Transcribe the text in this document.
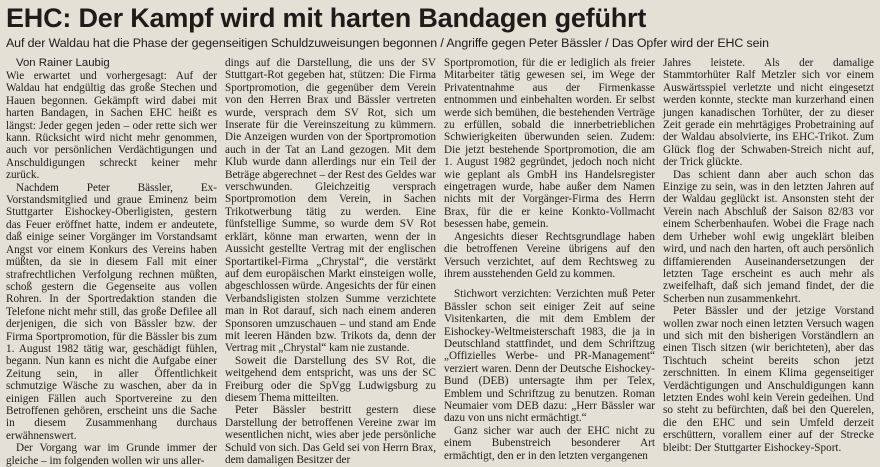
EHC: Der Kampf wird mit harten Bandagen geführt
Auf der Waldau hat die Phase der gegenseitigen Schuldzuweisungen begonnen / Angriffe gegen Peter Bässler / Das Opfer wird der EHC sein

Von Rainer Laubig

Wie erwartet und vorhergesagt: Auf der Waldau hat endgültig das große Stechen und Hauen begonnen. Gekämpft wird dabei mit harten Bandagen, in Sachen EHC heißt es längst: Jeder gegen jeden – oder rette sich wer kann. Rücksicht wird nicht mehr genommen, auch vor persönlichen Verdächtigungen und Anschuldigungen schreckt keiner mehr zurück.

Nachdem Peter Bässler, Ex-Vorstandsmitglied und graue Eminenz beim Stuttgarter Eishockey-Oberligisten, gestern das Feuer eröffnet hatte, indem er andeutete, daß einige seiner Vorgänger im Vorstandsamt Angst vor einem Konkurs des Vereins haben müßten, da sie in diesem Fall mit einer strafrechtlichen Verfolgung rechnen müßten, schoß gestern die Gegenseite aus vollen Rohren. In der Sportredaktion standen die Telefone nicht mehr still, das große Defilee all derjenigen, die sich von Bässler bzw. der Firma Sportpromotion, für die Bässler bis zum 1. August 1982 tätig war, geschädigt fühlen, begann. Nun kann es nicht die Aufgabe einer Zeitung sein, in aller Öffentlichkeit schmutzige Wäsche zu waschen, aber da in einigen Fällen auch Sportvereine zu den Betroffenen gehören, erscheint uns die Sache in diesem Zusammenhang durchaus erwähnenswert.

Der Vorgang war im Grunde immer der gleiche – im folgenden wollen wir uns aller-

dings auf die Darstellung, die uns der SV Stuttgart-Rot gegeben hat, stützen: Die Firma Sportpromotion, die gegenüber dem Verein von den Herren Brax und Bässler vertreten wurde, versprach dem SV Rot, sich um Inserate für die Vereinszeitung zu kümmern. Die Anzeigen wurden von der Sportpromotion auch in der Tat an Land gezogen. Mit dem Klub wurde dann allerdings nur ein Teil der Beträge abgerechnet – der Rest des Geldes war verschwunden. Gleichzeitig versprach Sportpromotion dem Verein, in Sachen Trikotwerbung tätig zu werden. Eine fünfstellige Summe, so wurde dem SV Rot erklärt, könne man erwarten, wenn der in Aussicht gestellte Vertrag mit der englischen Sportartikel-Firma „Chrystal“, die verstärkt auf dem europäischen Markt einsteigen wolle, abgeschlossen würde. Angesichts der für einen Verbandsligisten stolzen Summe verzichtete man in Rot darauf, sich nach einem anderen Sponsoren umzuschauen – und stand am Ende mit leeren Händen bzw. Trikots da, denn der Vertrag mit „Chrystal“ kam nie zustande.

Soweit die Darstellung des SV Rot, die weitgehend dem entspricht, was uns der SC Freiburg oder die SpVgg Ludwigsburg zu diesem Thema mitteilten.

Peter Bässler bestritt gestern diese Darstellung der betroffenen Vereine zwar im wesentlichen nicht, wies aber jede persönliche Schuld von sich. Das Geld sei von Herrn Brax, dem damaligen Besitzer der

Sportpromotion, für die er lediglich als freier Mitarbeiter tätig gewesen sei, im Wege der Privatentnahme aus der Firmenkasse entnommen und einbehalten worden. Er selbst werde sich bemühen, die bestehenden Verträge zu erfüllen, sobald die innerbetrieblichen Schwierigkeiten überwunden seien. Zudem: Die jetzt bestehende Sportpromotion, die am 1. August 1982 gegründet, jedoch noch nicht wie geplant als GmbH ins Handelsregister eingetragen wurde, habe außer dem Namen nichts mit der Vorgänger-Firma des Herrn Brax, für die er keine Konkto-Vollmacht besessen habe, gemein.

Angesichts dieser Rechtsgrundlage haben die betroffenen Vereine übrigens auf den Versuch verzichtet, auf dem Rechtsweg zu ihrem ausstehenden Geld zu kommen.

Stichwort verzichten: Verzichten muß Peter Bässler schon seit einiger Zeit auf seine Visitenkarten, die mit dem Emblem der Eishockey-Weltmeisterschaft 1983, die ja in Deutschland stattfindet, und dem Schriftzug „Offizielles Werbe- und PR-Management“ verziert waren. Denn der Deutsche Eishockey-Bund (DEB) untersagte ihm per Telex, Emblem und Schriftzug zu benutzen. Roman Neumaier vom DEB dazu: „Herr Bässler war dazu von uns nicht ermächtigt.“

Ganz sicher war auch der EHC nicht zu einem Bubenstreich besonderer Art ermächtigt, den er in den letzten vergangenen

Jahres leistete. Als der damalige Stammtorhüter Ralf Metzler sich vor einem Auswärtsspiel verletzte und nicht eingesetzt werden konnte, steckte man kurzerhand einen jungen kanadischen Torhüter, der zu dieser Zeit gerade ein mehrtägiges Probetraining auf der Waldau absolvierte, ins EHC-Trikot. Zum Glück flog der Schwaben-Streich nicht auf, der Trick glückte.

Das schient dann aber auch schon das Einzige zu sein, was in den letzten Jahren auf der Waldau geglückt ist. Ansonsten steht der Verein nach Abschluß der Saison 82/83 vor einem Scherbenhaufen. Wobei die Frage nach dem Urheber wohl ewig ungeklärt bleiben wird, und nach den harten, oft auch persönlich diffamierenden Auseinandersetzungen der letzten Tage erscheint es auch mehr als zweifelhaft, daß sich jemand findet, der die Scherben nun zusammenkehrt.

Peter Bässler und der jetzige Vorstand wollen zwar noch einen letzten Versuch wagen und sich mit den bisherigen Vorständlern an einen Tisch sitzen (wir berichteten), aber das Tischtuch scheint bereits schon jetzt zerschnitten. In einem Klima gegenseitiger Verdächtigungen und Anschuldigungen kann letzten Endes wohl kein Verein gedeihen. Und so steht zu befürchten, daß bei den Querelen, die den EHC und sein Umfeld derzeit erschüttern, vorallem einer auf der Strecke bleibt: Der Stuttgarter Eishockey-Sport.
